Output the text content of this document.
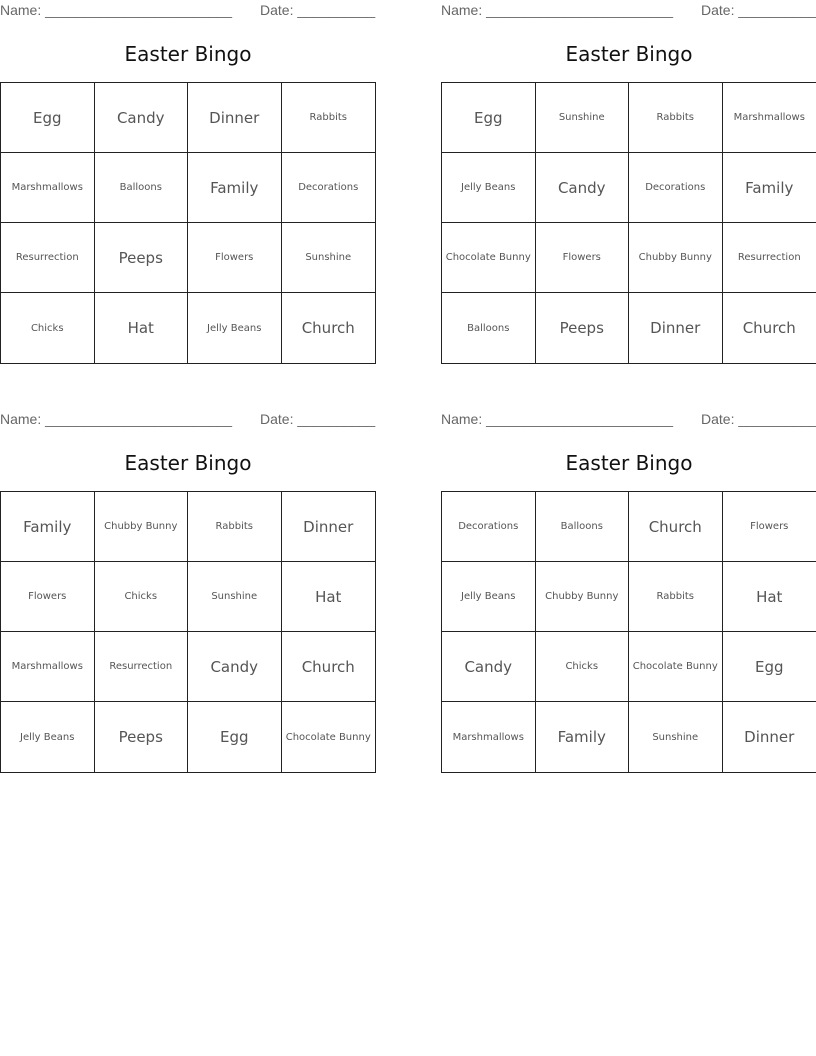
Name: ________________________ Date: __________
Easter Bingo
Egg	Candy	Dinner	Rabbits
Marshmallows	Balloons	Family	Decorations
Resurrection	Peeps	Flowers	Sunshine
Chicks	Hat	Jelly Beans	Church
Name: ________________________ Date: __________
Easter Bingo
Egg	Sunshine	Rabbits	Marshmallows
Jelly Beans	Candy	Decorations	Family
Chocolate Bunny	Flowers	Chubby Bunny	Resurrection
Balloons	Peeps	Dinner	Church
Name: ________________________ Date: __________
Easter Bingo
Family	Chubby Bunny	Rabbits	Dinner
Flowers	Chicks	Sunshine	Hat
Marshmallows	Resurrection	Candy	Church
Jelly Beans	Peeps	Egg	Chocolate Bunny
Name: ________________________ Date: __________
Easter Bingo
Decorations	Balloons	Church	Flowers
Jelly Beans	Chubby Bunny	Rabbits	Hat
Candy	Chicks	Chocolate Bunny	Egg
Marshmallows	Family	Sunshine	Dinner
